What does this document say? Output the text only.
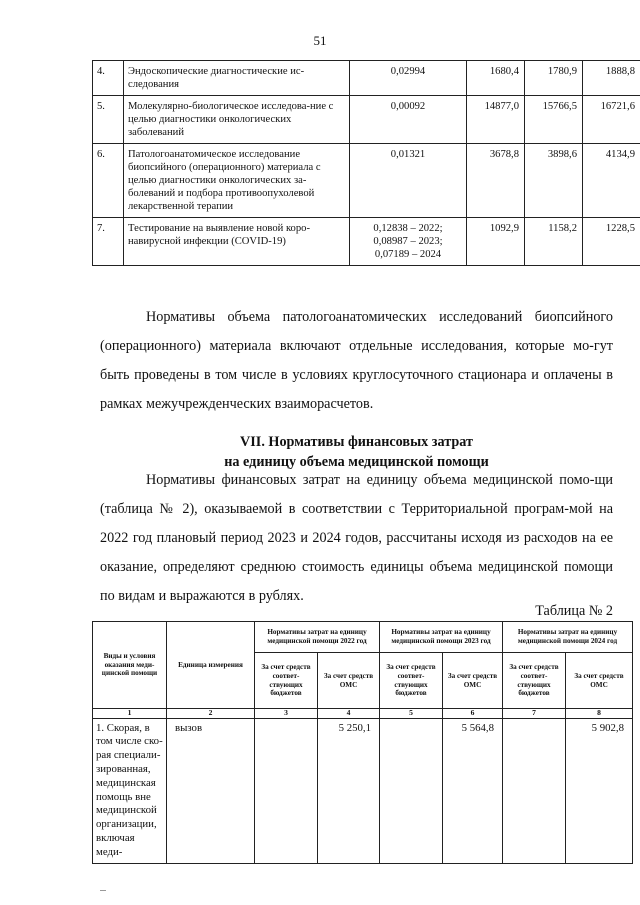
51
4.	Эндоскопические диагностические ис-следования	0,02994	1680,4	1780,9	1888,8
5.	Молекулярно-биологическое исследова-ние с целью диагностики онкологических заболеваний	0,00092	14877,0	15766,5	16721,6
6.	Патологоанатомическое исследование биопсийного (операционного) материала с целью диагностики онкологических за-болеваний и подбора противоопухолевой лекарственной терапии	0,01321	3678,8	3898,6	4134,9
7.	Тестирование на выявление новой коро-навирусной инфекции (COVID-19)	0,12838 – 2022;
0,08987 – 2023;
0,07189 – 2024	1092,9	1158,2	1228,5

Нормативы объема патологоанатомических исследований биопсийного (операционного) материала включают отдельные исследования, которые мо-гут быть проведены в том числе в условиях круглосуточного стационара и оплачены в рамках межучрежденческих взаиморасчетов.

VII. Нормативы финансовых затрат
на единицу объема медицинской помощи

Нормативы финансовых затрат на единицу объема медицинской помо-щи (таблица № 2), оказываемой в соответствии с Территориальной програм-мой на 2022 год плановый период 2023 и 2024 годов, рассчитаны исходя из расходов на ее оказание, определяют среднюю стоимость единицы объема медицинской помощи по видам и выражаются в рублях.

Таблица № 2
Виды и условия оказания меди-цинской помощи	Единица измерения	Нормативы затрат на единицу медицинской помощи 2022 год		Нормативы затрат на единицу медицинской помощи 2023 год		Нормативы затрат на единицу медицинской помощи 2024 год	
		За счет средств соответ-ствующих бюджетов	За счет средств ОМС	За счет средств соответ-ствующих бюджетов	За счет средств ОМС	За счет средств соответ-ствующих бюджетов	За счет средств ОМС
1	2	3	4	5	6	7	8
1. Скорая, в том числе ско-рая специали-зированная, медицинская помощь вне медицинской организации, включая меди-	вызов		5 250,1		5 564,8		5 902,8
